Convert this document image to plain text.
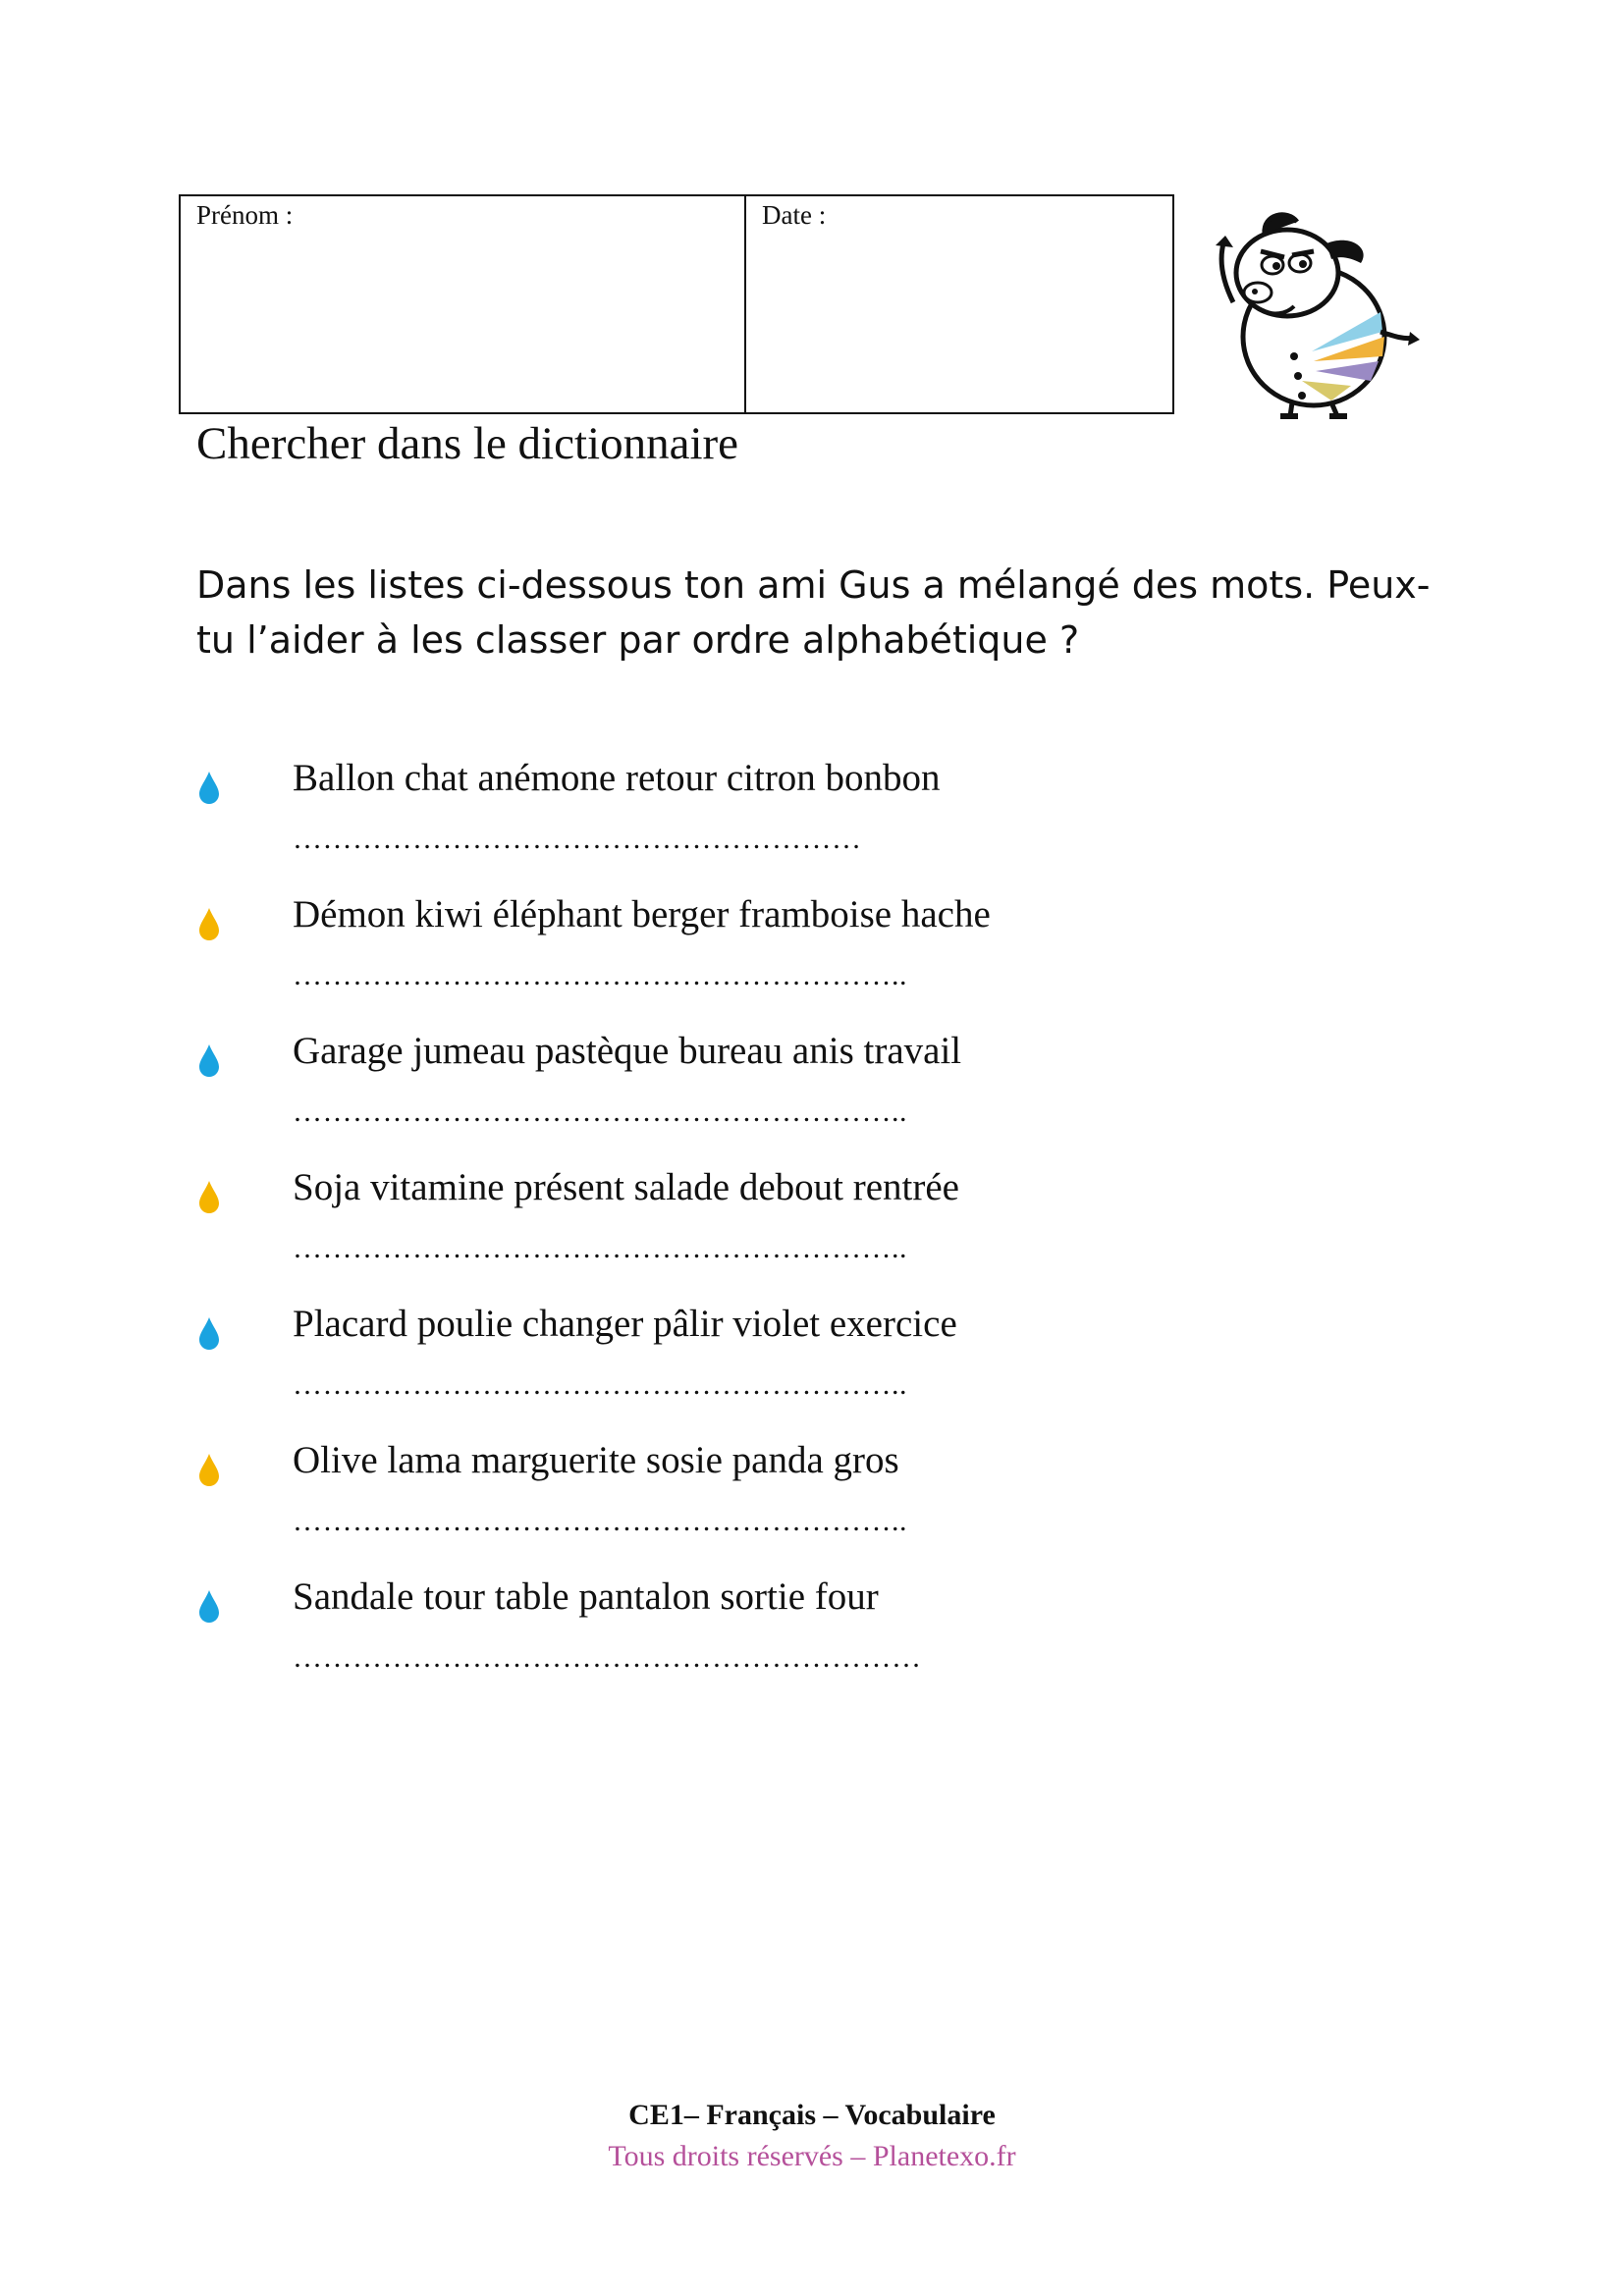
Prénom :	Date :
Chercher dans le dictionnaire

Dans les listes ci-dessous ton ami Gus a mélangé des mots. Peux-tu l’aider à les classer par ordre alphabétique ?

Ballon chat anémone retour citron bonbon
…………………………………………………
Démon kiwi éléphant berger framboise hache
……………………………………………………..
Garage jumeau pastèque bureau anis travail
……………………………………………………..
Soja vitamine présent salade debout rentrée
……………………………………………………..
Placard poulie changer pâlir violet exercice
……………………………………………………..
Olive lama marguerite sosie panda gros
……………………………………………………..
Sandale tour table pantalon sortie four
………………………………………………………
CE1– Français – Vocabulaire
Tous droits réservés – Planetexo.fr
